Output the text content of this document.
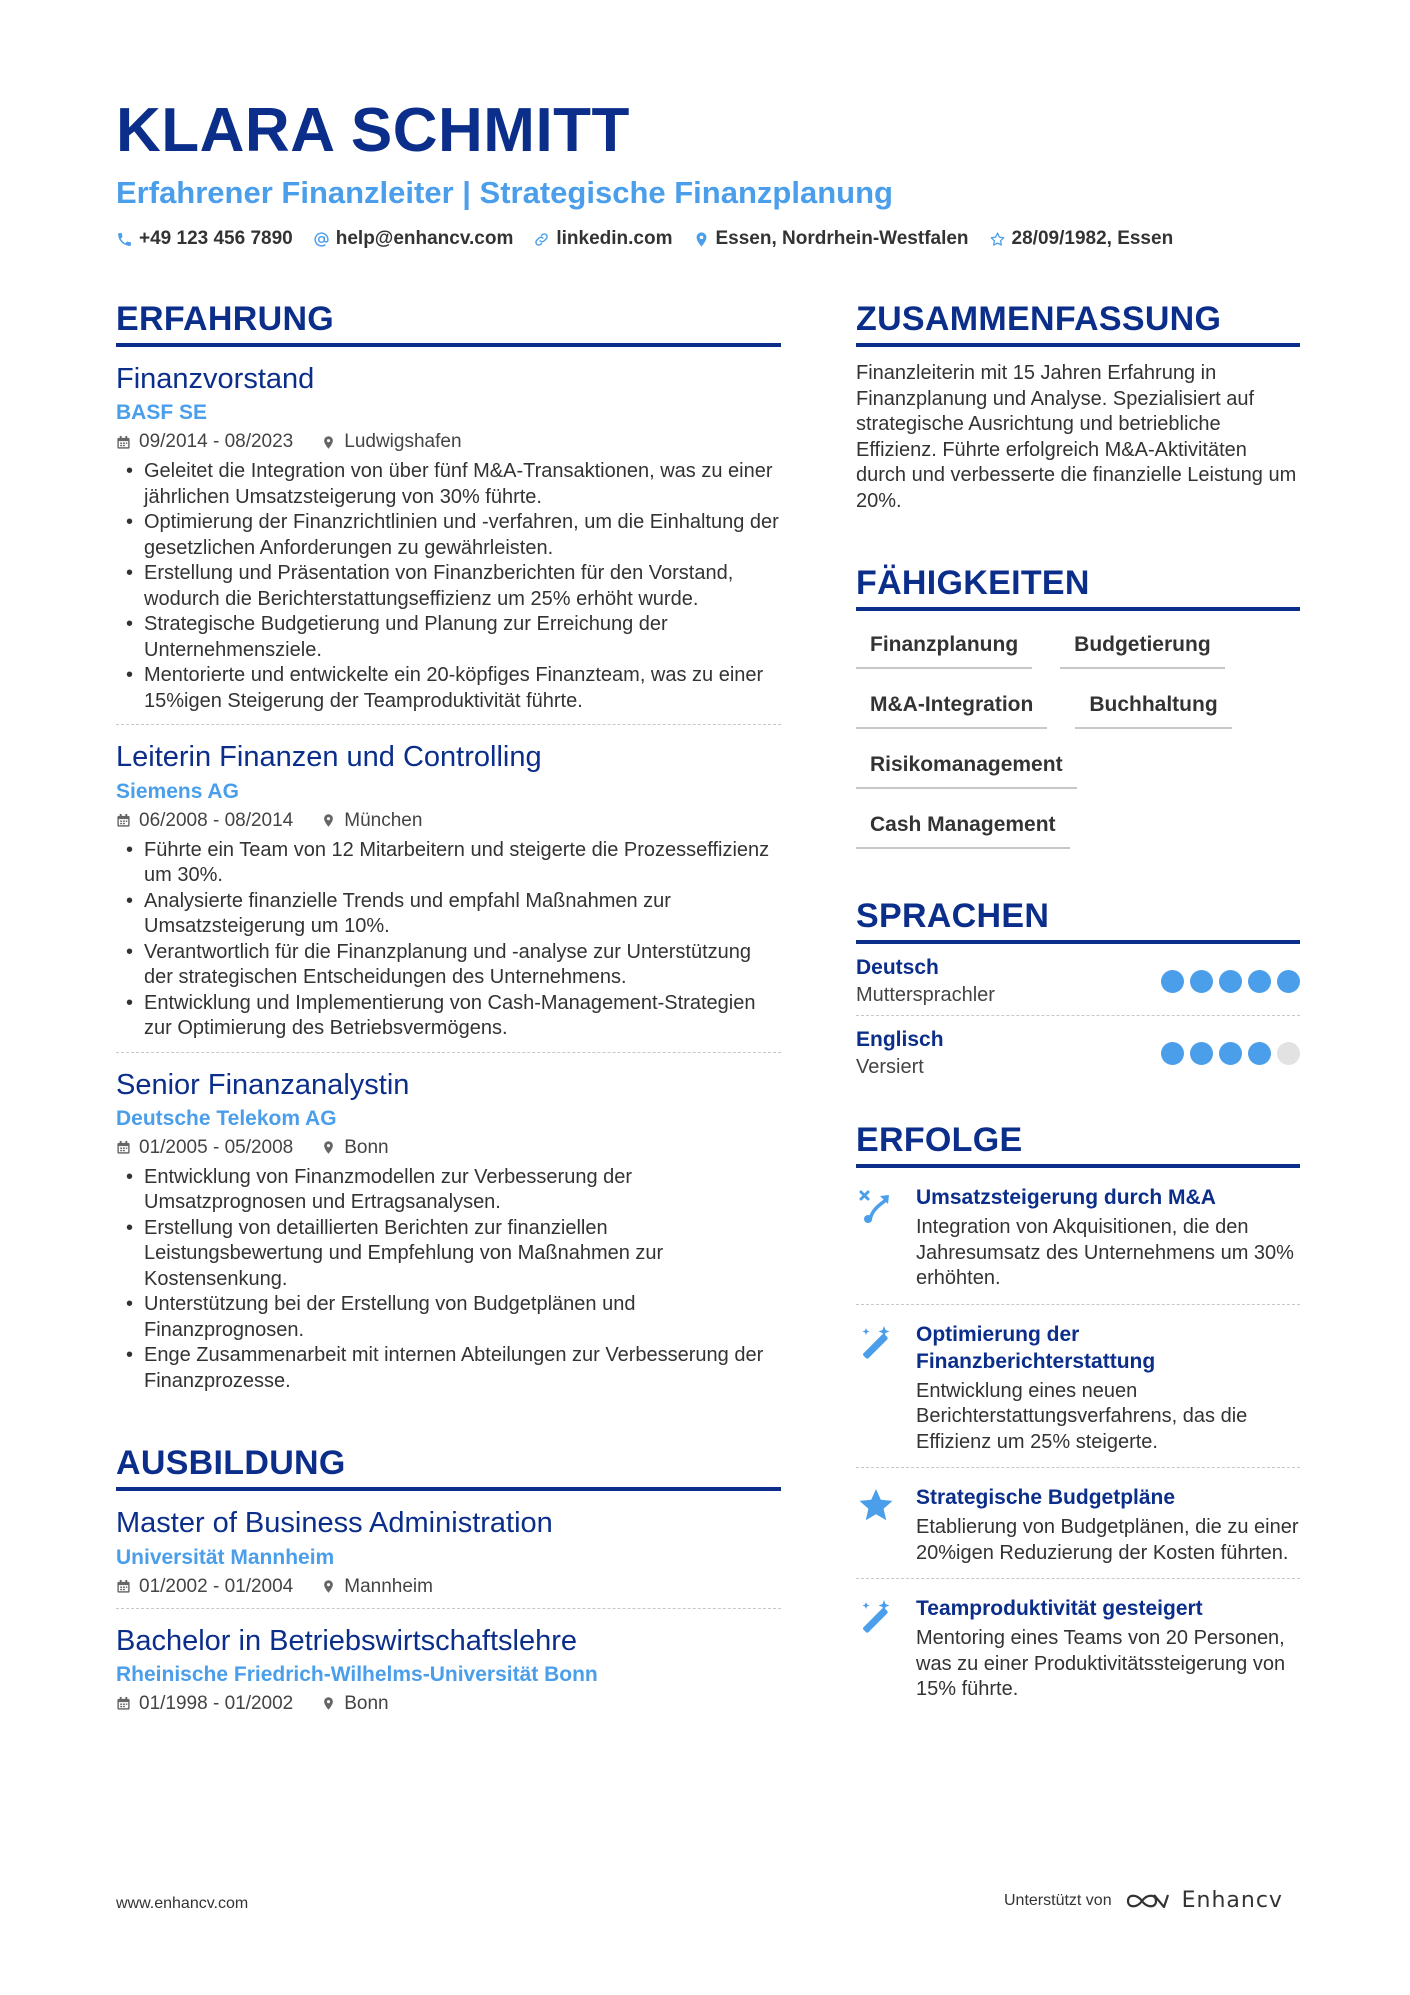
KLARA SCHMITT
Erfahrener Finanzleiter | Strategische Finanzplanung
+49 123 456 7890 help@enhancv.com linkedin.com Essen, Nordrhein-Westfalen 28/09/1982, Essen
ERFAHRUNG
Finanzvorstand
BASF SE
09/2014 - 08/2023	Ludwigshafen
• Geleitet die Integration von über fünf M&A-Transaktionen, was zu einer jährlichen Umsatzsteigerung von 30% führte.
• Optimierung der Finanzrichtlinien und -verfahren, um die Einhaltung der gesetzlichen Anforderungen zu gewährleisten.
• Erstellung und Präsentation von Finanzberichten für den Vorstand, wodurch die Berichterstattungseffizienz um 25% erhöht wurde.
• Strategische Budgetierung und Planung zur Erreichung der Unternehmensziele.
• Mentorierte und entwickelte ein 20-köpfiges Finanzteam, was zu einer 15%igen Steigerung der Teamproduktivität führte.
Leiterin Finanzen und Controlling
Siemens AG
06/2008 - 08/2014	München
• Führte ein Team von 12 Mitarbeitern und steigerte die Prozesseffizienz um 30%.
• Analysierte finanzielle Trends und empfahl Maßnahmen zur Umsatzsteigerung um 10%.
• Verantwortlich für die Finanzplanung und -analyse zur Unterstützung der strategischen Entscheidungen des Unternehmens.
• Entwicklung und Implementierung von Cash-Management-Strategien zur Optimierung des Betriebsvermögens.
Senior Finanzanalystin
Deutsche Telekom AG
01/2005 - 05/2008	Bonn
• Entwicklung von Finanzmodellen zur Verbesserung der Umsatzprognosen und Ertragsanalysen.
• Erstellung von detaillierten Berichten zur finanziellen Leistungsbewertung und Empfehlung von Maßnahmen zur Kostensenkung.
• Unterstützung bei der Erstellung von Budgetplänen und Finanzprognosen.
• Enge Zusammenarbeit mit internen Abteilungen zur Verbesserung der Finanzprozesse.
AUSBILDUNG
Master of Business Administration
Universität Mannheim
01/2002 - 01/2004	Mannheim
Bachelor in Betriebswirtschaftslehre
Rheinische Friedrich-Wilhelms-Universität Bonn
01/1998 - 01/2002	Bonn
ZUSAMMENFASSUNG
Finanzleiterin mit 15 Jahren Erfahrung in Finanzplanung und Analyse. Spezialisiert auf strategische Ausrichtung und betriebliche Effizienz. Führte erfolgreich M&A-Aktivitäten durch und verbesserte die finanzielle Leistung um 20%.
FÄHIGKEITEN
Finanzplanung	Budgetierung
M&A-Integration	Buchhaltung
Risikomanagement
Cash Management
SPRACHEN
Deutsch
Muttersprachler
Englisch
Versiert
ERFOLGE
Umsatzsteigerung durch M&A
Integration von Akquisitionen, die den Jahresumsatz des Unternehmens um 30% erhöhten.
Optimierung der Finanzberichterstattung
Entwicklung eines neuen Berichterstattungsverfahrens, das die Effizienz um 25% steigerte.
Strategische Budgetpläne
Etablierung von Budgetplänen, die zu einer 20%igen Reduzierung der Kosten führten.
Teamproduktivität gesteigert
Mentoring eines Teams von 20 Personen, was zu einer Produktivitätssteigerung von 15% führte.
www.enhancv.com	Unterstützt von	Enhancv
